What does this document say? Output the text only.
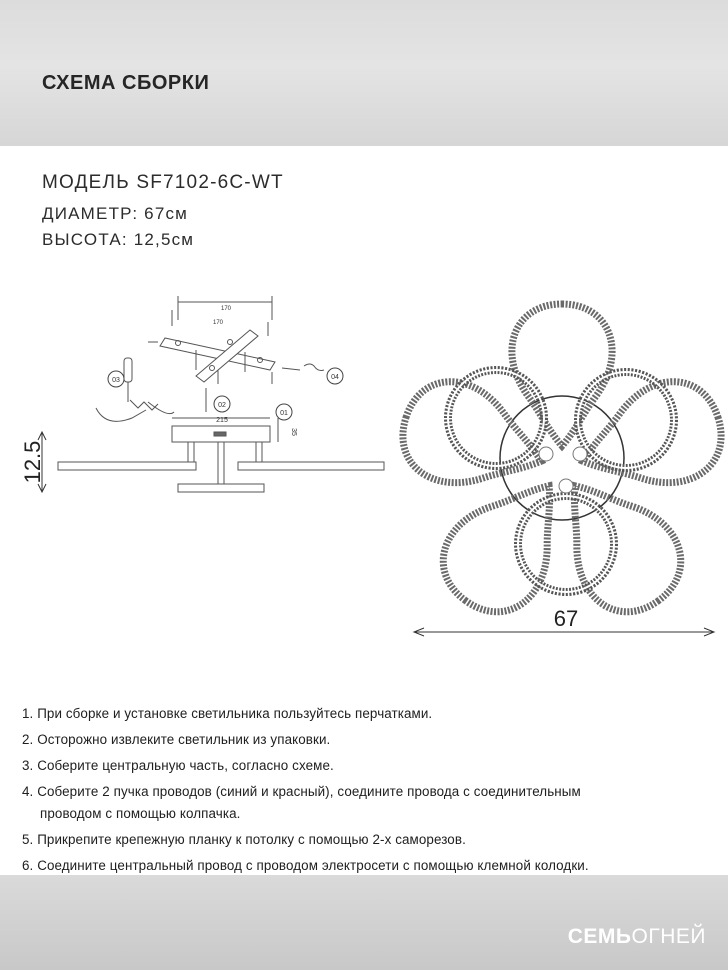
СХЕМА СБОРКИ
МОДЕЛЬ SF7102-6C-WT
ДИАМЕТР: 67см
ВЫСОТА: 12,5см
01
02
03	04
170
170
215
35
12.5
67
1. При сборке и установке светильника пользуйтесь перчатками.
2. Осторожно извлеките светильник из упаковки.
3. Соберите центральную часть, согласно схеме.
4. Соберите 2 пучка проводов (синий и красный), соедините провода с соединительным
проводом с помощью колпачка.
5. Прикрепите крепежную планку к потолку с помощью 2-х саморезов.
6. Соедините центральный провод с проводом электросети с помощью клемной колодки.
СЕМЬОГНЕЙ
